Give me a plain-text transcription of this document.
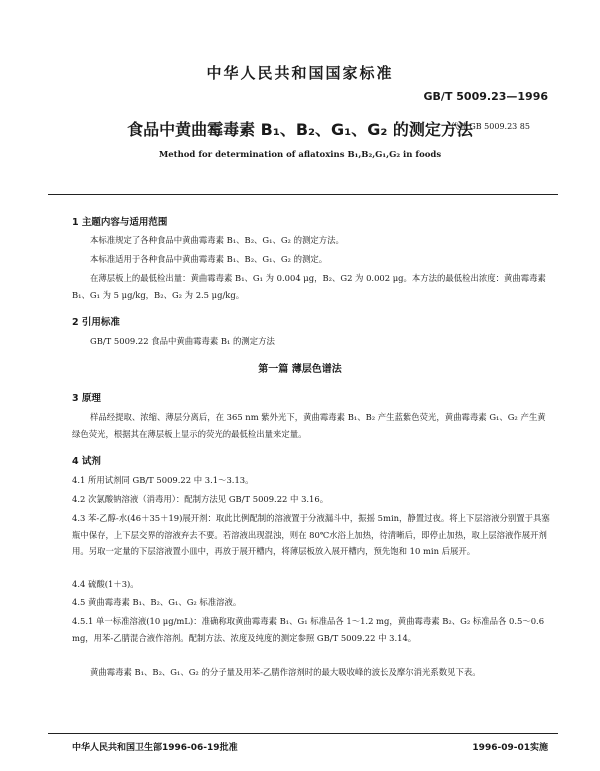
中华人民共和国国家标准
GB/T 5009.23—1996
食品中黄曲霉毒素 B₁、B₂、G₁、G₂ 的测定方法
代替 GB 5009.23 85
Method for determination of aflatoxins B₁,B₂,G₁,G₂ in foods
1 主题内容与适用范围
本标准规定了各种食品中黄曲霉毒素 B₁、B₂、G₁、G₂ 的测定方法。
本标准适用于各种食品中黄曲霉毒素 B₁、B₂、G₁、G₂ 的测定。
在薄层板上的最低检出量：黄曲霉毒素 B₁、G₁ 为 0.004 μg，B₂、G2 为 0.002 μg。本方法的最低检出浓度：黄曲霉毒素 B₁、G₁ 为 5 μg/kg，B₂、G₂ 为 2.5 μg/kg。
2 引用标准
GB/T 5009.22 食品中黄曲霉毒素 B₁ 的测定方法
第一篇 薄层色谱法
3 原理
样品经提取、浓缩、薄层分离后，在 365 nm 紫外光下，黄曲霉毒素 B₁、B₂ 产生蓝紫色荧光，黄曲霉毒素 G₁、G₂ 产生黄绿色荧光，根据其在薄层板上显示的荧光的最低检出量来定量。
4 试剂
4.1 所用试剂同 GB/T 5009.22 中 3.1～3.13。
4.2 次氯酸钠溶液（消毒用）：配制方法见 GB/T 5009.22 中 3.16。
4.3 苯-乙醇-水(46＋35＋19)展开剂：取此比例配制的溶液置于分液漏斗中，振摇 5min，静置过夜。将上下层溶液分别置于具塞瓶中保存，上下层交界的溶液弃去不要。若溶液出现混浊，则在 80℃水浴上加热，待清晰后，即停止加热，取上层溶液作展开剂用。另取一定量的下层溶液置小皿中，再放于展开槽内，将薄层板放入展开槽内，预先饱和 10 min 后展开。
4.4 硫酸(1＋3)。
4.5 黄曲霉毒素 B₁、B₂、G₁、G₂ 标准溶液。
4.5.1 单一标准溶液(10 μg/mL)：准确称取黄曲霉毒素 B₁、G₁ 标准品各 1～1.2 mg，黄曲霉毒素 B₂、G₂ 标准品各 0.5～0.6 mg，用苯-乙腈混合液作溶剂。配制方法、浓度及纯度的测定参照 GB/T 5009.22 中 3.14。
黄曲霉毒素 B₁、B₂、G₁、G₂ 的分子量及用苯-乙腈作溶剂时的最大吸收峰的波长及摩尔消光系数见下表。
中华人民共和国卫生部1996-06-19批准	1996-09-01实施
